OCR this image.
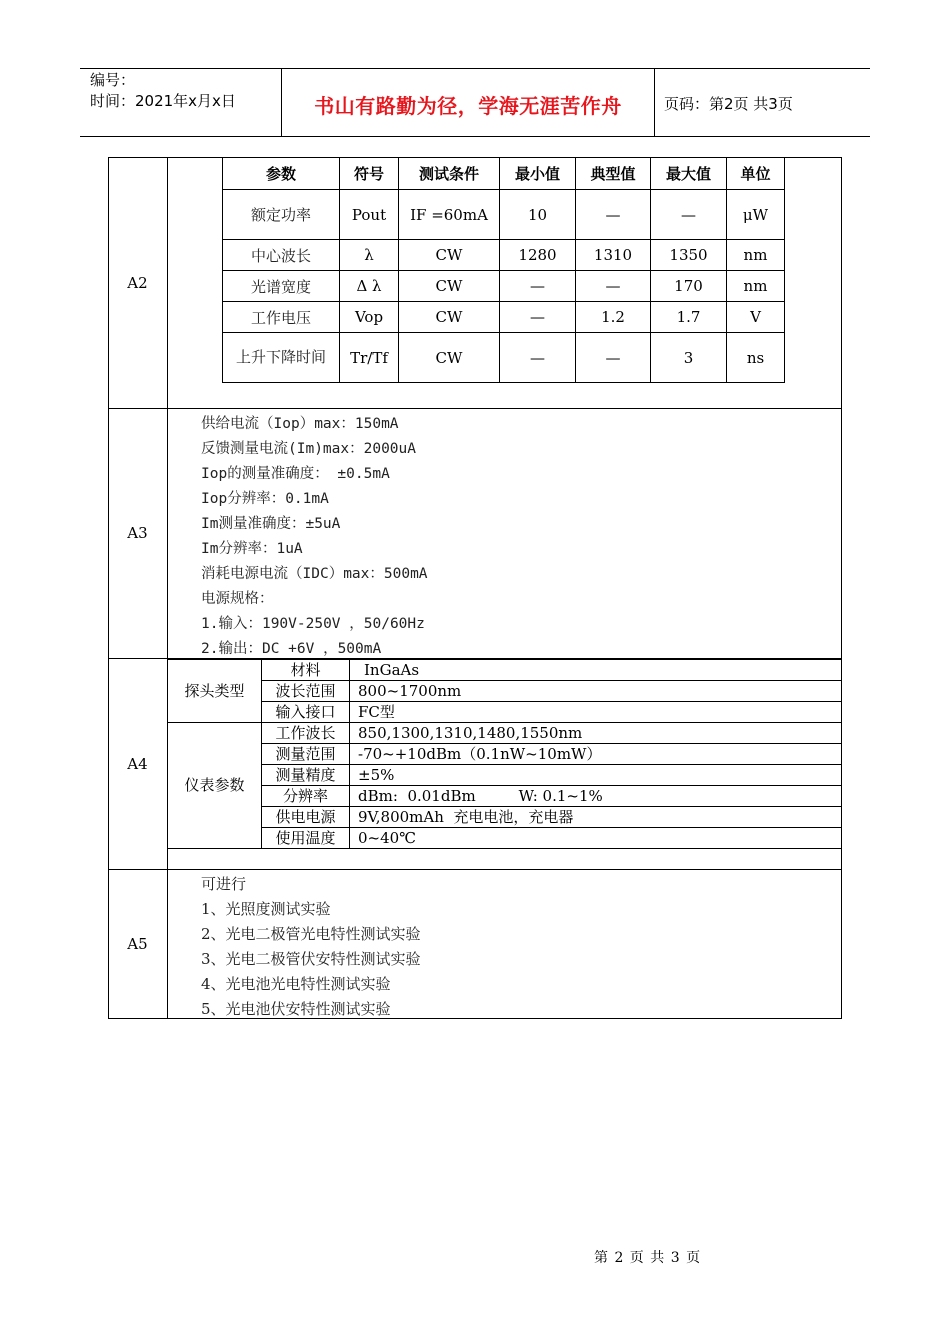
编号：
时间：2021年x月x日	书山有路勤为径，学海无涯苦作舟	页码：第2页 共3页
A2
A3
A4
A5
参数	符号	测试条件	最小值	典型值	最大值	单位
额定功率	Pout	IF =60mA	10	—	—	μW
中心波长	λ	CW	1280	1310	1350	nm
光谱宽度	Δ λ	CW	—	—	170	nm
工作电压	Vop	CW	—	1.2	1.7	V
上升下降时间	Tr/Tf	CW	—	—	3	ns
供给电流（Iop）max：150mA
反馈测量电流(Im)max：2000uA
Iop的测量准确度： ±0.5mA
Iop分辨率：0.1mA
Im测量准确度：±5uA
Im分辨率：1uA
消耗电源电流（IDC）max：500mA
电源规格：
1.输入：190V-250V ，50/60Hz
2.输出：DC +6V ，500mA
探头类型	材料	InGaAs
	波长范围	800~1700nm
	输入接口	FC型
仪表参数	工作波长	850,1300,1310,1480,1550nm
	测量范围	-70~+10dBm（0.1nW~10mW）
	测量精度	±5%
	分辨率	dBm:  0.01dBm         W: 0.1~1%
	供电电源	9V,800mAh  充电电池，充电器
	使用温度	0~40℃
可进行
1、光照度测试实验
2、光电二极管光电特性测试实验
3、光电二极管伏安特性测试实验
4、光电池光电特性测试实验
5、光电池伏安特性测试实验
第 2 页 共 3 页
